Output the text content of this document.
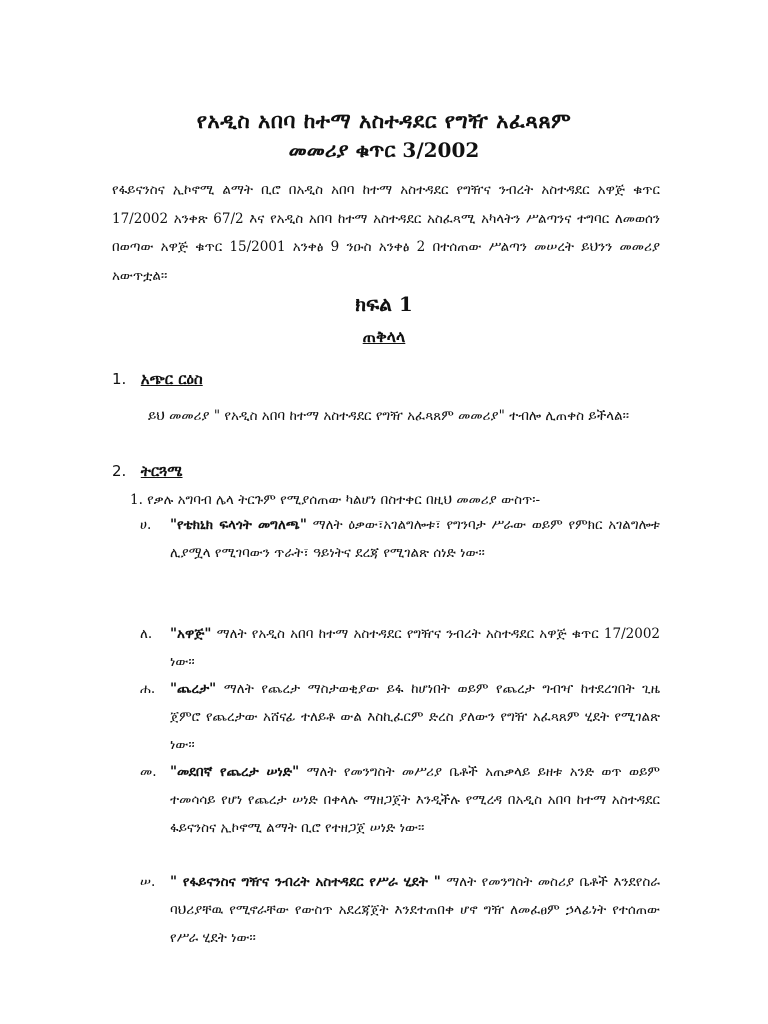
የአዲስ አበባ ከተማ አስተዳደር የግዥ አፈጻጸም
መመሪያ ቁጥር 3/2002
የፋይናንስና ኢኮኖሚ ልማት ቢሮ በአዲስ አበባ ከተማ አስተዳደር የግዥና ንብረት አስተዳደር አዋጅ ቁጥር 17/2002 አንቀጽ 67/2 እና የአዲስ አበባ ከተማ አስተዳደር አስፈጻሚ አካላትን ሥልጣንና ተግባር ለመወሰን በወጣው አዋጅ ቁጥር 15/2001 አንቀፅ 9 ንዑስ አንቀፅ 2 በተሰጠው ሥልጣን መሠረት ይህንን መመሪያ አውጥቷል፡፡
ክፍል 1
ጠቅላላ
1. አጭር ርዕስ
ይህ መመሪያ " የአዲስ አበባ ከተማ አስተዳደር የግዥ አፈጻጸም መመሪያ" ተብሎ ሊጠቀስ ይችላል፡፡
2. ትርጓሜ
1. የቃሉ አግባብ ሌላ ትርጉም የሚያሰጠው ካልሆነ በስተቀር በዚህ መመሪያ ውስጥ፡-
ሀ.	"የቴክኒክ ፍላጎት መግለጫ" ማለት ዕቃው፣አገልግሎቱ፣ የግንባታ ሥራው ወይም የምክር አገልግሎቱ ሊያሟላ የሚገባውን ጥራት፣ ዓይነትና ደረጃ የሚገልጽ ሰነድ ነው፡፡
ለ.	"አዋጅ" ማለት የአዲስ አበባ ከተማ አስተዳደር የግዥና ንብረት አስተዳደር አዋጅ ቁጥር 17/2002 ነው፡፡
ሐ.	"ጨረታ" ማለት የጨረታ ማስታወቂያው ይፋ ከሆነበት ወይም የጨረታ ግብዣ ከተደረገበት ጊዜ ጀምሮ የጨረታው አሸናፊ ተለይቶ ውል እስኪፈርም ድረስ ያለውን የግዥ አፈጻጸም ሂደት የሚገልጽ ነው፡፡
መ.	"መደበኛ የጨረታ ሠነድ" ማለት የመንግስት መሥሪያ ቤቶች አጠቃላይ ይዘቱ አንድ ወጥ ወይም ተመሳሳይ የሆነ የጨረታ ሠነድ በቀላሉ ማዘጋጀት እንዲችሉ የሚረዳ በአዲስ አበባ ከተማ አስተዳደር ፋይናንስና ኢኮኖሚ ልማት ቢሮ የተዘጋጀ ሠነድ ነው፡፡
ሠ.	" የፋይናንስና ግዥና ንብረት አስተዳደር የሥራ ሂደት " ማለት የመንግስት መስሪያ ቤቶች እንደየስራ ባህሪያቸዉ የሚኖራቸው የውስጥ አደረጃጀት እንደተጠበቀ ሆኖ ግዥ ለመፈፀም ኃላፊነት የተሰጠው የሥራ ሂደት ነው፡፡
